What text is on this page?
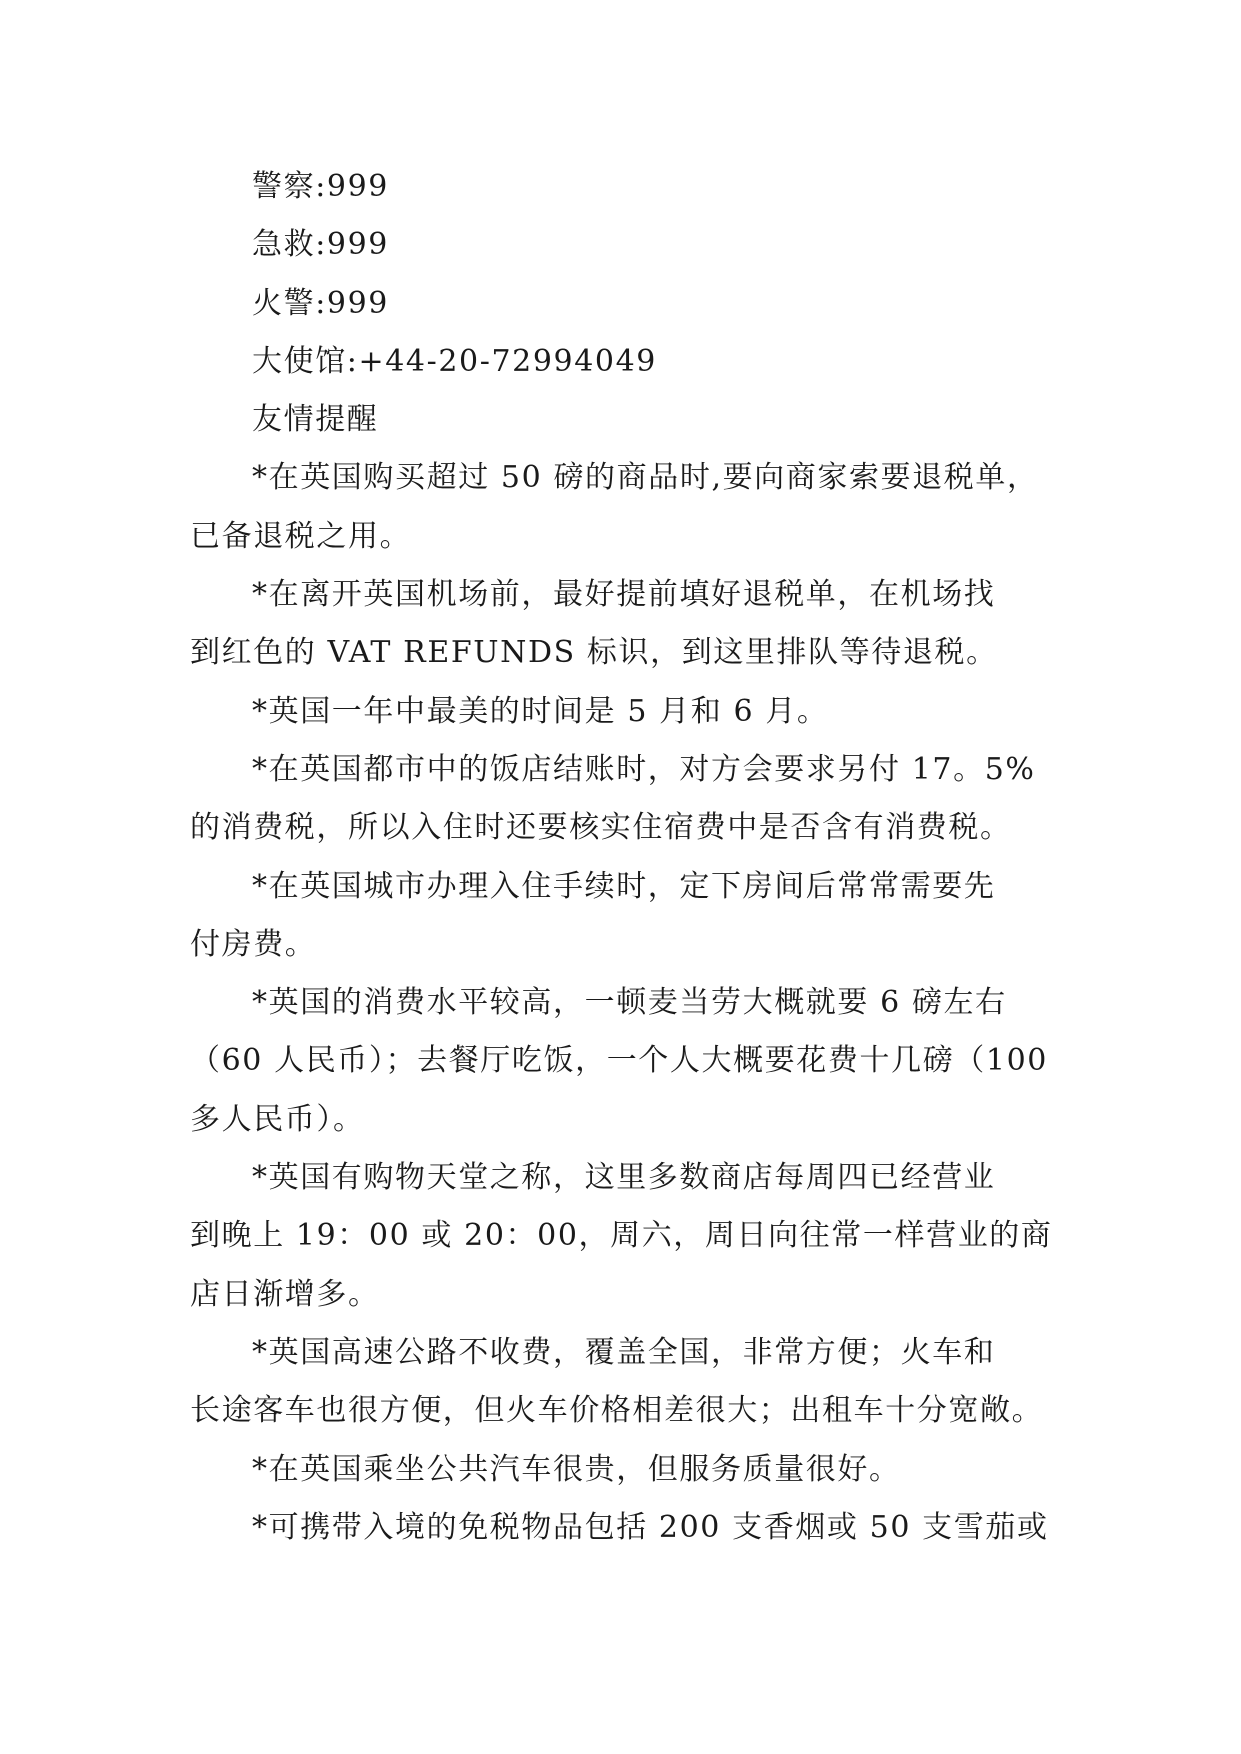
警察:999
急救:999
火警:999
大使馆:+44-20-72994049
友情提醒
*在英国购买超过 50 磅的商品时,要向商家索要退税单，
已备退税之用。
*在离开英国机场前，最好提前填好退税单，在机场找
到红色的 VAT REFUNDS 标识，到这里排队等待退税。
*英国一年中最美的时间是 5 月和 6 月。
*在英国都市中的饭店结账时，对方会要求另付 17。5%
的消费税，所以入住时还要核实住宿费中是否含有消费税。
*在英国城市办理入住手续时，定下房间后常常需要先
付房费。
*英国的消费水平较高，一顿麦当劳大概就要 6 磅左右
（60 人民币）；去餐厅吃饭，一个人大概要花费十几磅（100
多人民币）。
*英国有购物天堂之称，这里多数商店每周四已经营业
到晚上 19：00 或 20：00，周六，周日向往常一样营业的商
店日渐增多。
*英国高速公路不收费，覆盖全国，非常方便；火车和
长途客车也很方便，但火车价格相差很大；出租车十分宽敞。
*在英国乘坐公共汽车很贵，但服务质量很好。
*可携带入境的免税物品包括 200 支香烟或 50 支雪茄或
